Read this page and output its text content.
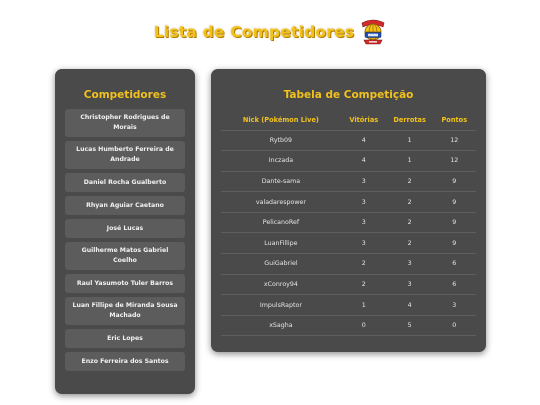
Lista de Competidores
Competidores
Christopher Rodrigues de Morais
Lucas Humberto Ferreira de Andrade
Daniel Rocha Gualberto
Rhyan Aguiar Caetano
José Lucas
Guilherme Matos Gabriel Coelho
Raul Yasumoto Tuler Barros
Luan Fillipe de Miranda Sousa Machado
Eric Lopes
Enzo Ferreira dos Santos
Tabela de Competição
Nick (Pokémon Live)	Vitórias	Derrotas	Pontos
Rytb09	4	1	12
Inczada	4	1	12
Dante-sama	3	2	9
valadarespower	3	2	9
PelicanoRef	3	2	9
LuanFillipe	3	2	9
GuiGabriel	2	3	6
xConroy94	2	3	6
ImpulsRaptor	1	4	3
xSagha	0	5	0
